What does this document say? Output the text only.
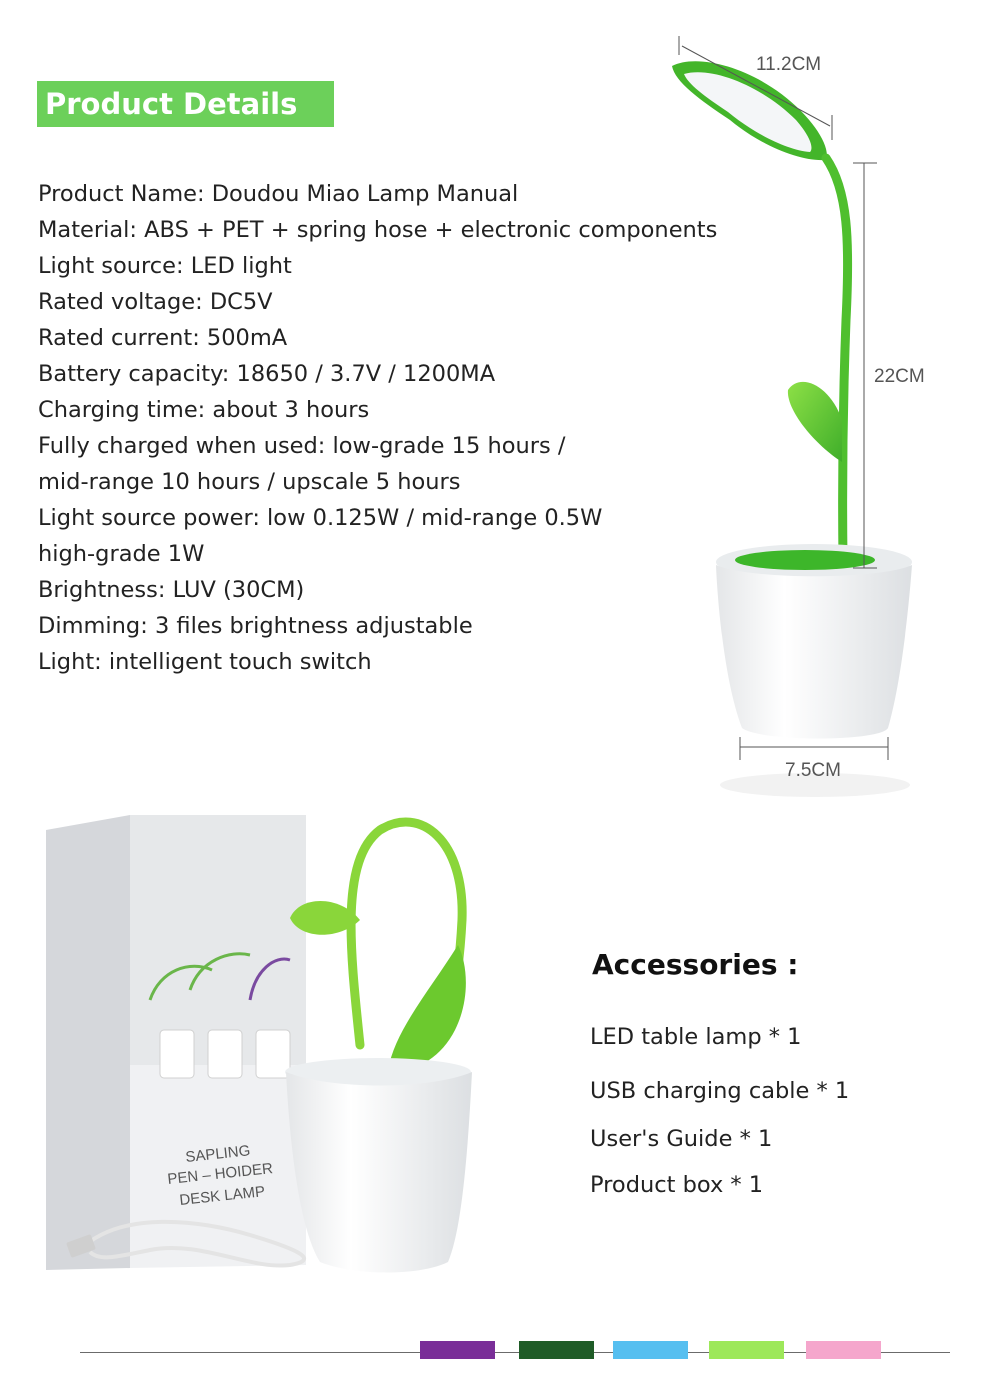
Product Details
Product Name: Doudou Miao Lamp Manual
Material: ABS + PET + spring hose + electronic components
Light source: LED light
Rated voltage: DC5V
Rated current: 500mA
Battery capacity: 18650 / 3.7V / 1200MA
Charging time: about 3 hours
Fully charged when used: low-grade 15 hours /
mid-range 10 hours / upscale 5 hours
Light source power: low 0.125W / mid-range 0.5W
high-grade 1W
Brightness: LUV (30CM)
Dimming: 3 files brightness adjustable
Light: intelligent touch switch
SAPLING
PEN – HOIDER
DESK LAMP
11.2CM
22CM
7.5CM
Accessories :
LED table lamp * 1
USB charging cable * 1
User's Guide * 1
Product box * 1
